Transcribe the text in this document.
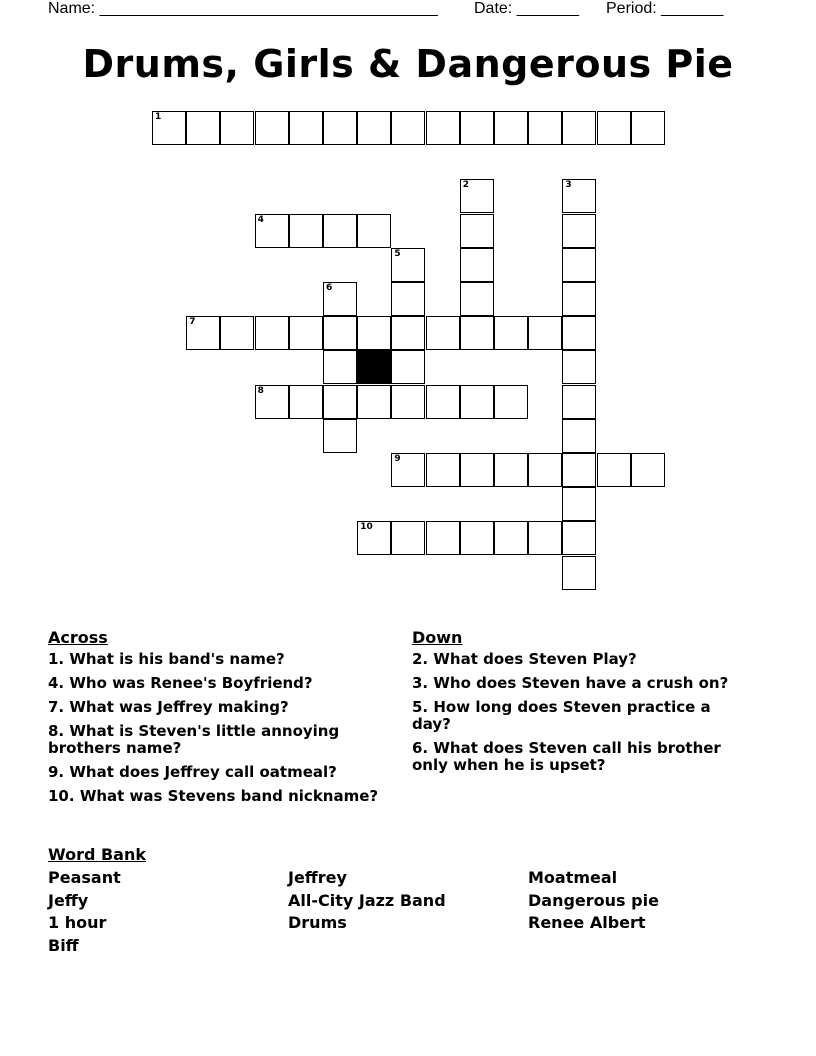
Name: ______________________________________ Date: _______ Period: _______
Drums, Girls & Dangerous Pie
1
2	3
4
5
6
7
8
9
10
Across
1. What is his band's name?
4. Who was Renee's Boyfriend?
7. What was Jeffrey making?
8. What is Steven's little annoying brothers name?
9. What does Jeffrey call oatmeal?
10. What was Stevens band nickname?
Down
2. What does Steven Play?
3. Who does Steven have a crush on?
5. How long does Steven practice a day?
6. What does Steven call his brother only when he is upset?
Word Bank
Peasant
Jeffy
1 hour
Biff
Jeffrey
All-City Jazz Band
Drums
Moatmeal
Dangerous pie
Renee Albert
